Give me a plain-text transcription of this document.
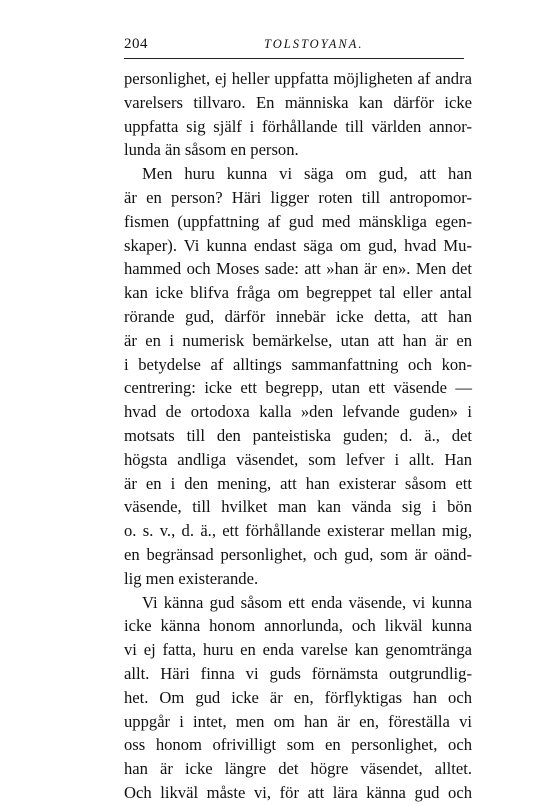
204	TOLSTOYANA.
personlighet, ej heller uppfatta möjligheten af andra
varelsers tillvaro. En människa kan därför icke
uppfatta sig själf i förhållande till världen annor-
lunda än såsom en person.
Men huru kunna vi säga om gud, att han
är en person? Häri ligger roten till antropomor-
fismen (uppfattning af gud med mänskliga egen-
skaper). Vi kunna endast säga om gud, hvad Mu-
hammed och Moses sade: att »han är en». Men det
kan icke blifva fråga om begreppet tal eller antal
rörande gud, därför innebär icke detta, att han
är en i numerisk bemärkelse, utan att han är en
i betydelse af alltings sammanfattning och kon-
centrering: icke ett begrepp, utan ett väsende —
hvad de ortodoxa kalla »den lefvande guden» i
motsats till den panteistiska guden; d. ä., det
högsta andliga väsendet, som lefver i allt. Han
är en i den mening, att han existerar såsom ett
väsende, till hvilket man kan vända sig i bön
o. s. v., d. ä., ett förhållande existerar mellan mig,
en begränsad personlighet, och gud, som är oänd-
lig men existerande.
Vi känna gud såsom ett enda väsende, vi kunna
icke känna honom annorlunda, och likväl kunna
vi ej fatta, huru en enda varelse kan genomtränga
allt. Häri finna vi guds förnämsta outgrundlig-
het. Om gud icke är en, förflyktigas han och
uppgår i intet, men om han är en, föreställa vi
oss honom ofrivilligt som en personlighet, och
han är icke längre det högre väsendet, alltet.
Och likväl måste vi, för att lära känna gud och
